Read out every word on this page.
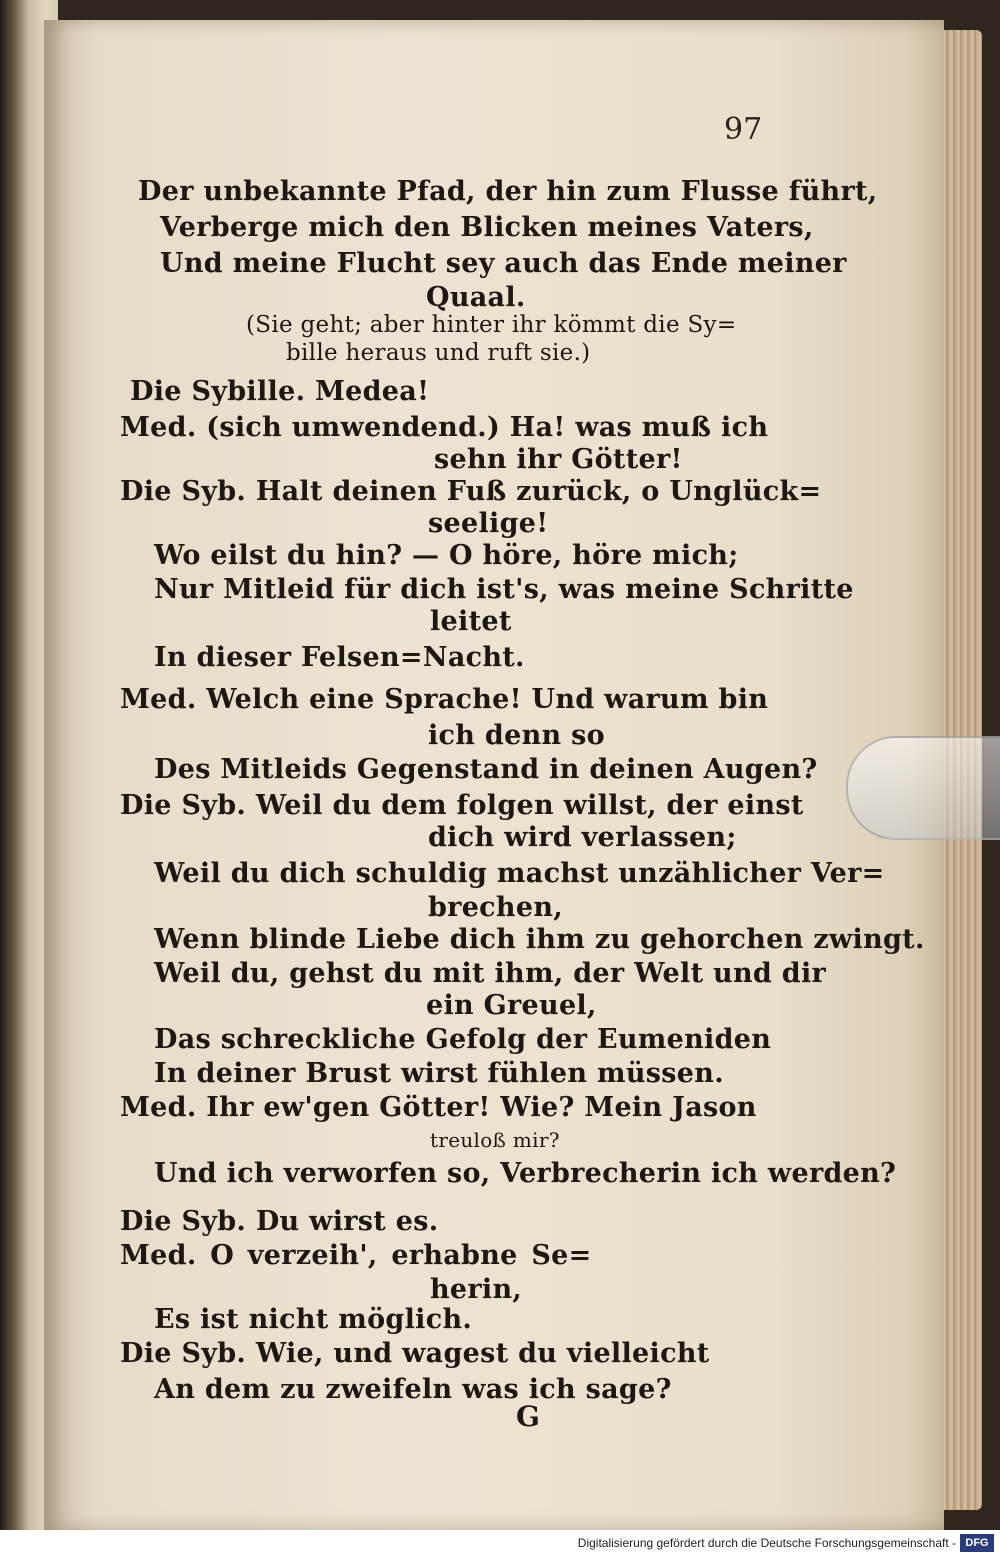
97
Der unbekannte Pfad, der hin zum Flusse führt,
Verberge mich den Blicken meines Vaters,
Und meine Flucht sey auch das Ende meiner
Quaal.
(Sie geht; aber hinter ihr kömmt die Sy=
bille heraus und ruft sie.)
Die Sybille. Medea!
Med. (sich umwendend.) Ha! was muß ich
sehn ihr Götter!
Die Syb. Halt deinen Fuß zurück, o Unglück=
seelige!
Wo eilst du hin? — O höre, höre mich;
Nur Mitleid für dich ist's, was meine Schritte
leitet
In dieser Felsen=Nacht.
Med. Welch eine Sprache! Und warum bin
ich denn so
Des Mitleids Gegenstand in deinen Augen?
Die Syb. Weil du dem folgen willst, der einst
dich wird verlassen;
Weil du dich schuldig machst unzählicher Ver=
brechen,
Wenn blinde Liebe dich ihm zu gehorchen zwingt.
Weil du, gehst du mit ihm, der Welt und dir
ein Greuel,
Das schreckliche Gefolg der Eumeniden
In deiner Brust wirst fühlen müssen.
Med. Ihr ew'gen Götter! Wie? Mein Jason
treuloß mir?
Und ich verworfen so, Verbrecherin ich werden?
Die Syb. Du wirst es.
Med. O verzeih', erhabne Se=
herin,
Es ist nicht möglich.
Die Syb. Wie, und wagest du vielleicht
An dem zu zweifeln was ich sage?
G
Digitalisierung gefördert durch die Deutsche Forschungsgemeinschaft - DFG
